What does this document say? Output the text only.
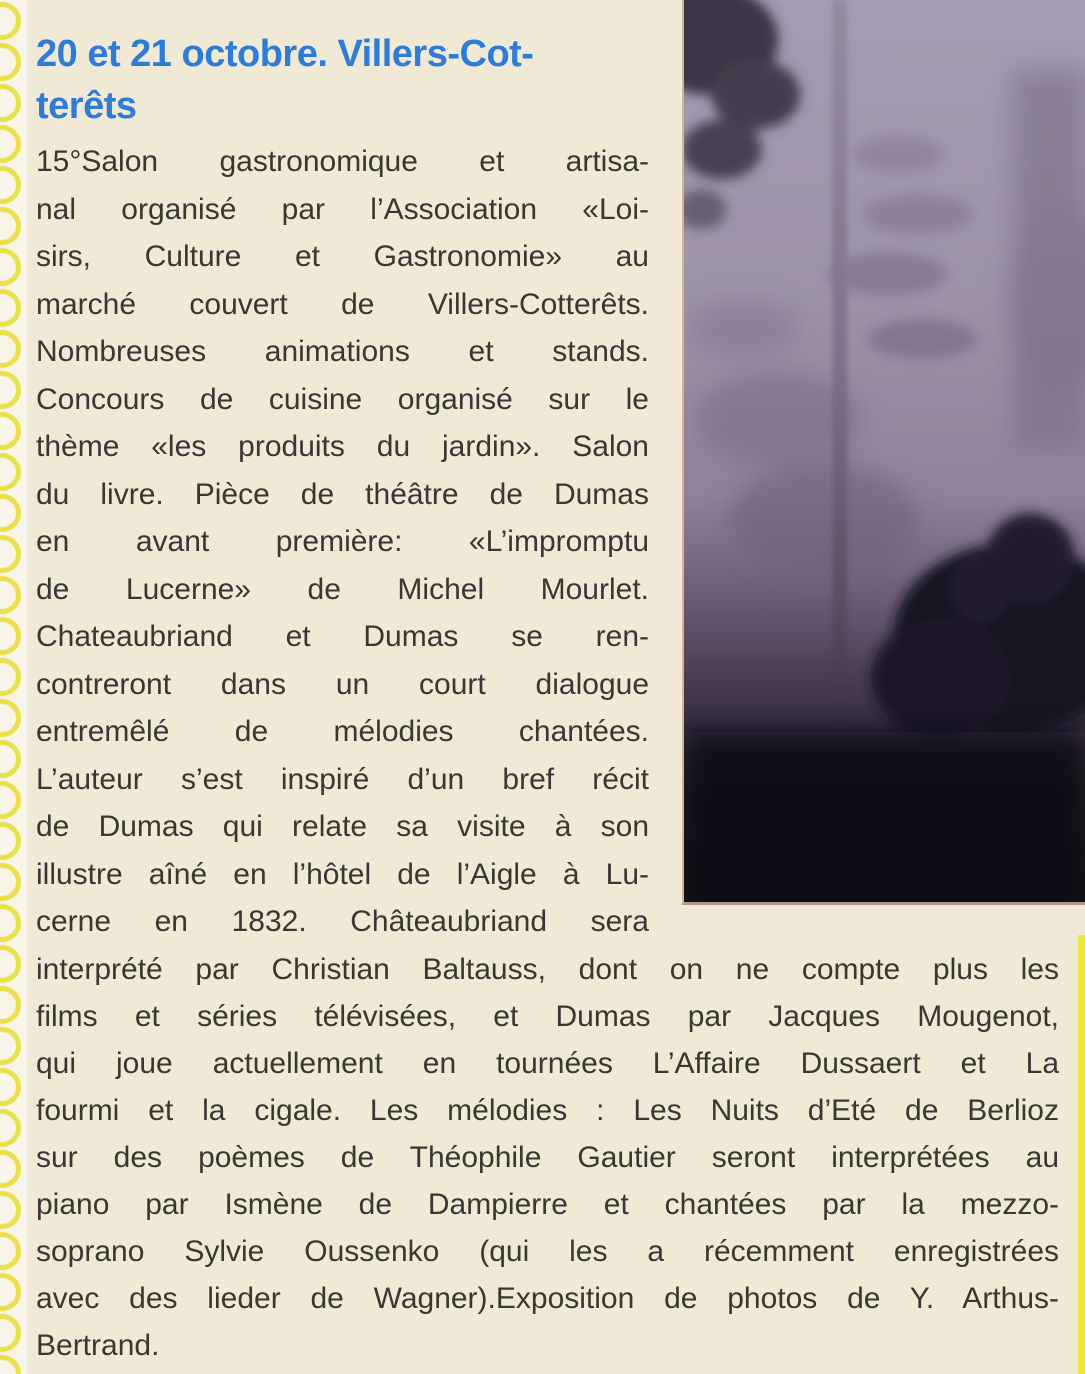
20 et 21 octobre. Villers-Cot-
terêts
15°Salon gastronomique et artisa-
nal organisé par l’Association «Loi-
sirs, Culture et Gastronomie» au
marché couvert de Villers-Cotterêts.
Nombreuses animations et stands.
Concours de cuisine organisé sur le
thème «les produits du jardin». Salon
du livre. Pièce de théâtre de Dumas
en avant première: «L’impromptu
de Lucerne» de Michel Mourlet.
Chateaubriand et Dumas se ren-
contreront dans un court dialogue
entremêlé de mélodies chantées.
L’auteur s’est inspiré d’un bref récit
de Dumas qui relate sa visite à son
illustre aîné en l’hôtel de l’Aigle à Lu-
cerne en 1832. Châteaubriand sera
interprété par Christian Baltauss, dont on ne compte plus les
films et séries télévisées, et Dumas par Jacques Mougenot,
qui joue actuellement en tournées L’Affaire Dussaert et La
fourmi et la cigale. Les mélodies : Les Nuits d’Eté de Berlioz
sur des poèmes de Théophile Gautier seront interprétées au
piano par Ismène de Dampierre et chantées par la mezzo-
soprano Sylvie Oussenko (qui les a récemment enregistrées
avec des lieder de Wagner).Exposition de photos de Y. Arthus-
Bertrand.
